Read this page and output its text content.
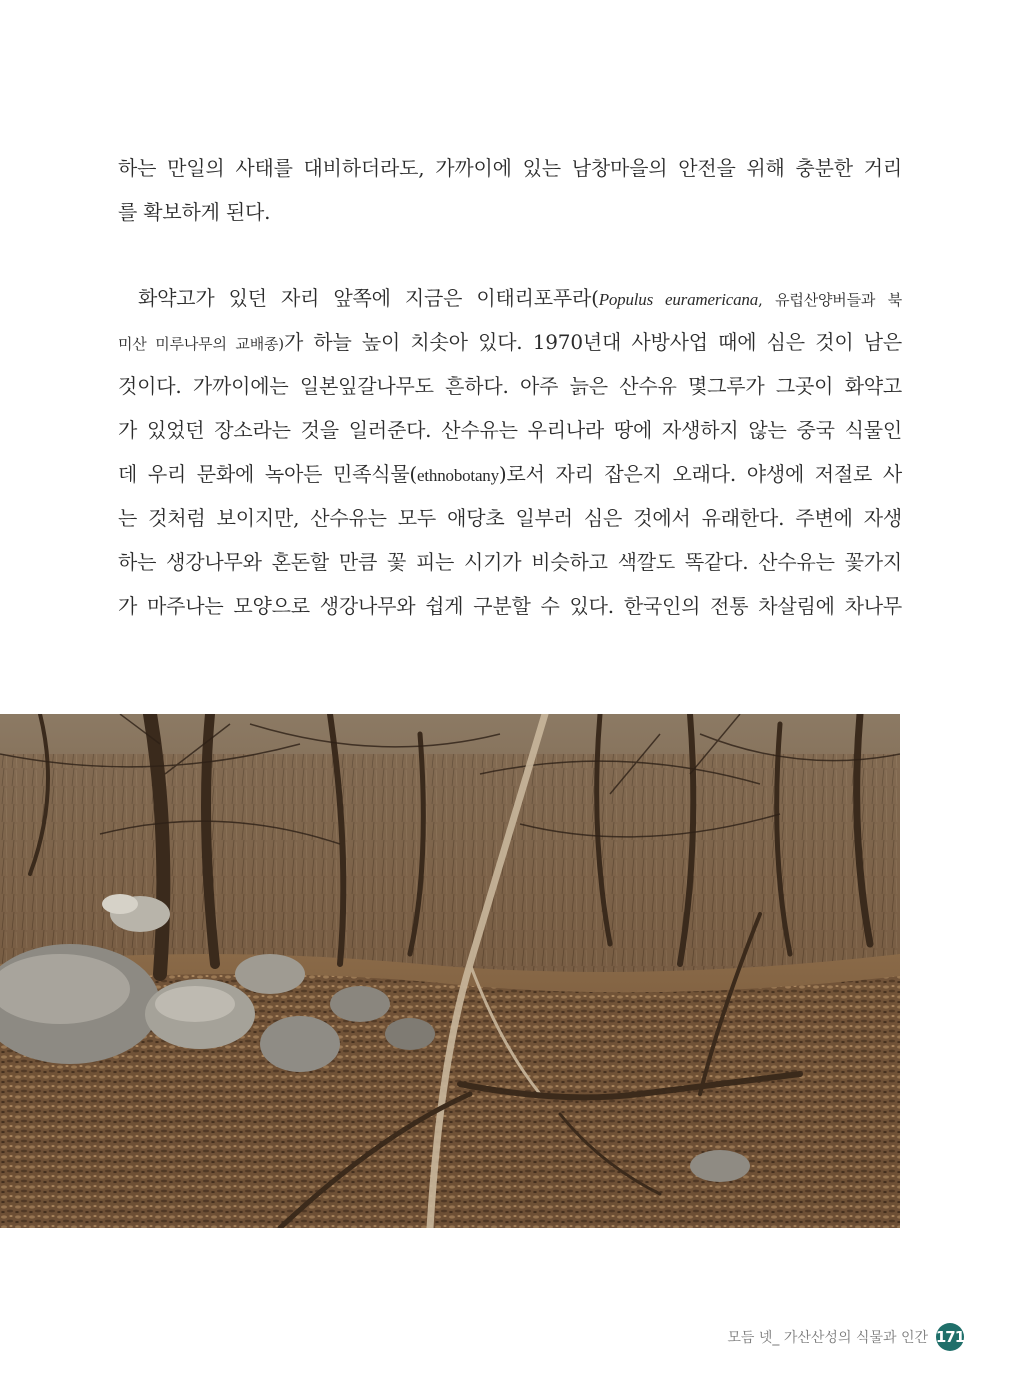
하는 만일의 사태를 대비하더라도, 가까이에 있는 남창마을의 안전을 위해 충분한 거리
를 확보하게 된다.
화약고가 있던 자리 앞쪽에 지금은 이태리포푸라(Populus euramericana, 유럽산양버들과 북
미산 미루나무의 교배종)가 하늘 높이 치솟아 있다. 1970년대 사방사업 때에 심은 것이 남은
것이다. 가까이에는 일본잎갈나무도 흔하다. 아주 늙은 산수유 몇그루가 그곳이 화약고
가 있었던 장소라는 것을 일러준다. 산수유는 우리나라 땅에 자생하지 않는 중국 식물인
데 우리 문화에 녹아든 민족식물(ethnobotany)로서 자리 잡은지 오래다. 야생에 저절로 사
는 것처럼 보이지만, 산수유는 모두 애당초 일부러 심은 것에서 유래한다. 주변에 자생
하는 생강나무와 혼돈할 만큼 꽃 피는 시기가 비슷하고 색깔도 똑같다. 산수유는 꽃가지
가 마주나는 모양으로 생강나무와 쉽게 구분할 수 있다. 한국인의 전통 차살림에 차나무
모듬 넷_ 가산산성의 식물과 인간 171
